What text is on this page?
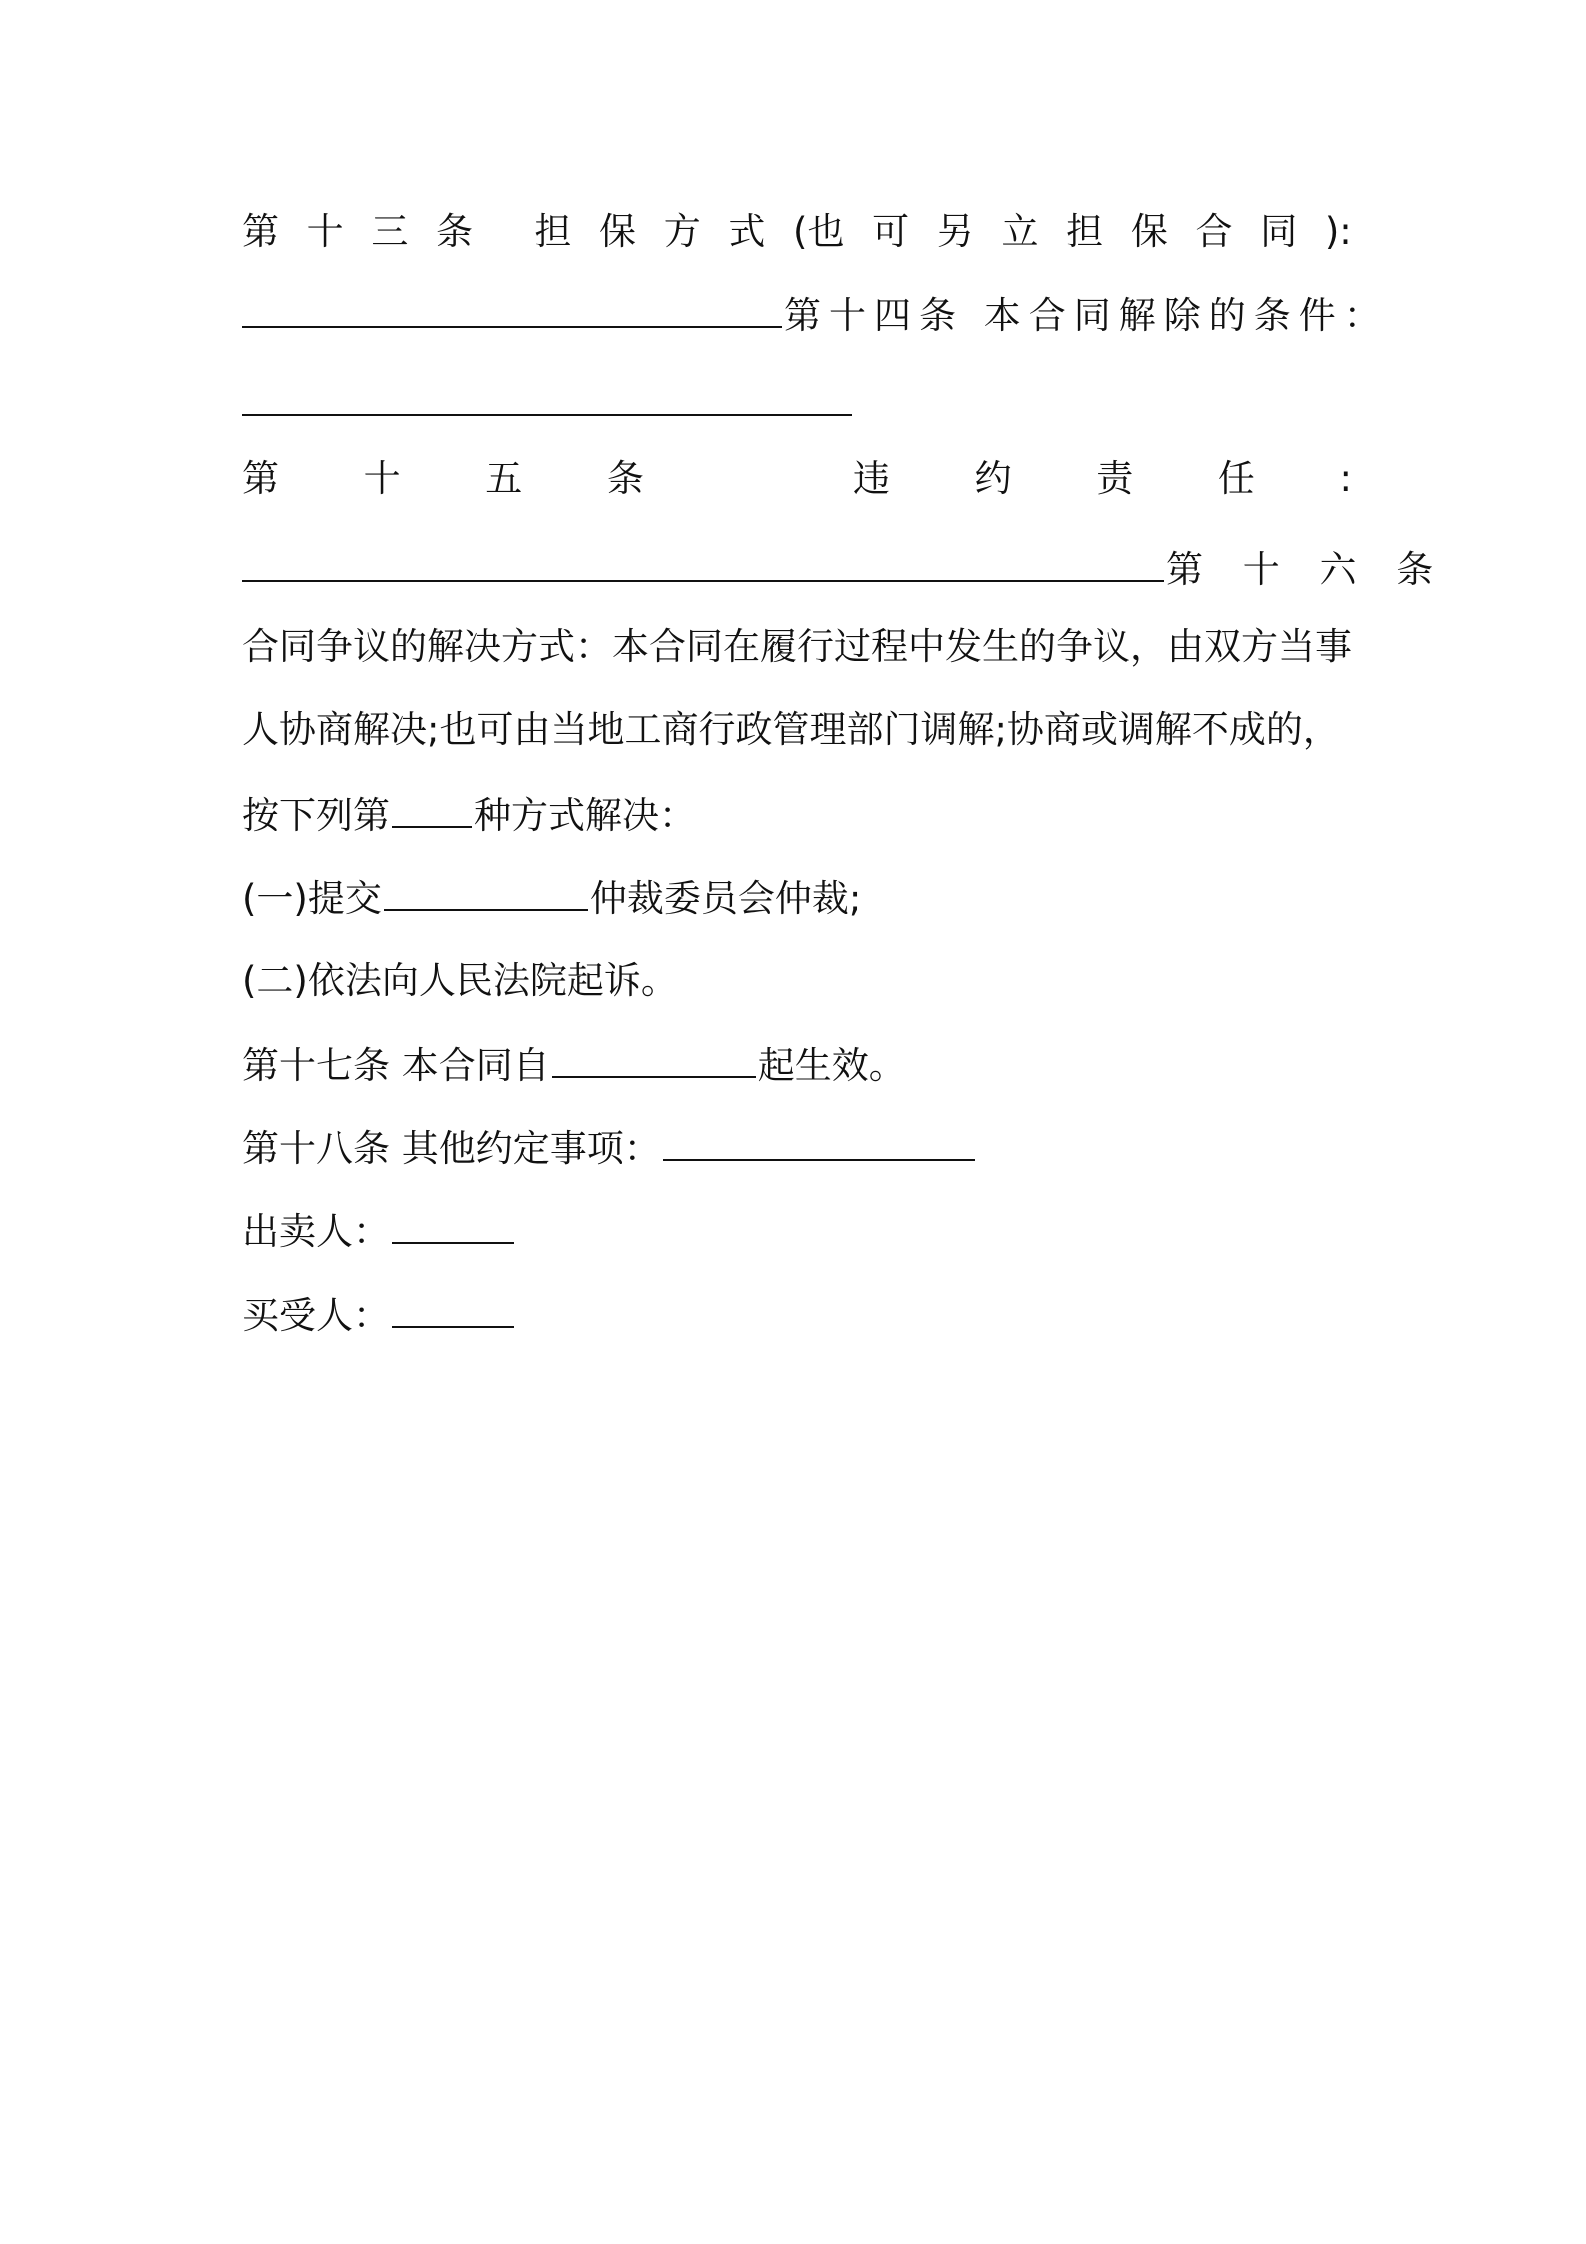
第 十 三 条 担 保 方 式 (也 可 另 立 担 保 合 同 ):
第十四条 本合同解除的条件：
第 十 五 条	违 约 责 任 :
第 十 六 条
合同争议的解决方式：本合同在履行过程中发生的争议，由双方当事
人协商解决;也可由当地工商行政管理部门调解;协商或调解不成的，
按下列第 种方式解决：
(一)提交	仲裁委员会仲裁;
(二)依法向人民法院起诉。
第十七条 本合同自	起生效。
第十八条 其他约定事项：
出卖人：
买受人：
